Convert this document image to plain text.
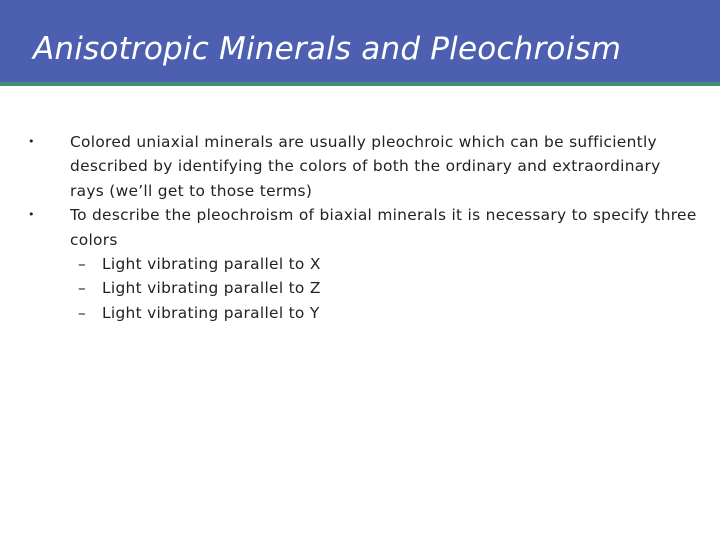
Anisotropic Minerals and Pleochroism

•	Colored uniaxial minerals are usually pleochroic which can be sufficiently described by identifying the colors of both the ordinary and extraordinary rays (we’ll get to those terms)

•	To describe the pleochroism of biaxial minerals it is necessary to specify three colors

– Light vibrating parallel to X

– Light vibrating parallel to Z

– Light vibrating parallel to Y
